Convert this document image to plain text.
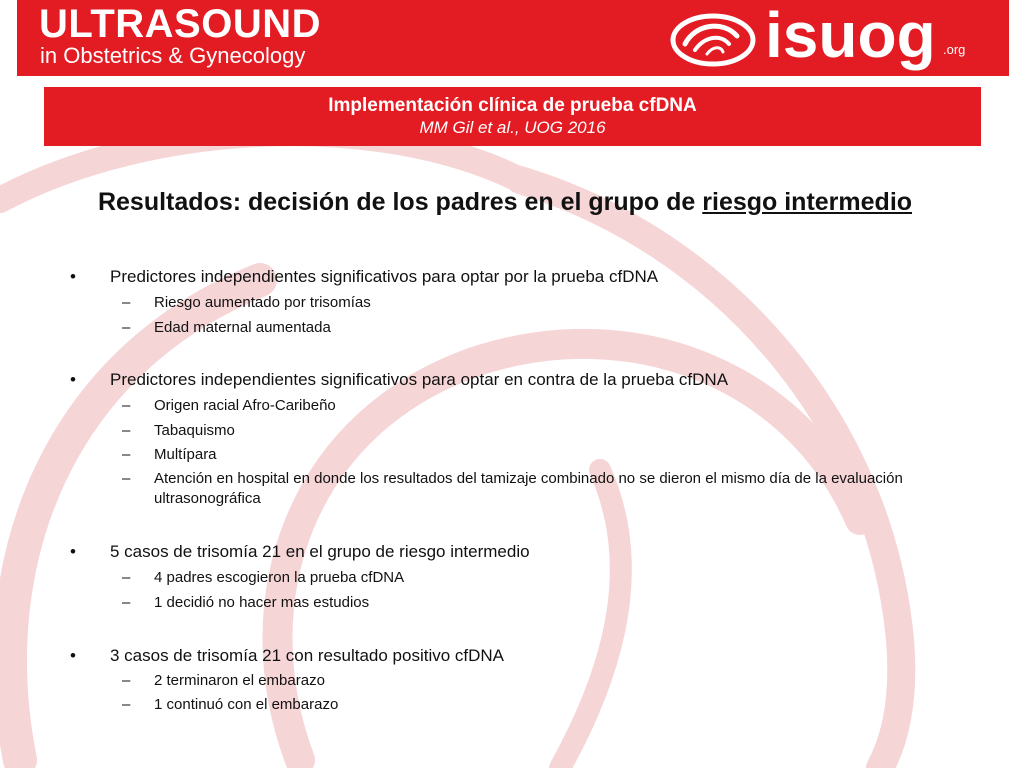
ULTRASOUND
in Obstetrics & Gynecology	isuog .org
Implementación clínica de prueba cfDNA
MM Gil et al., UOG 2016
Resultados: decisión de los padres en el grupo de riesgo intermedio
•	Predictores independientes significativos para optar por la prueba cfDNA
– Riesgo aumentado por trisomías
– Edad maternal aumentada
•	Predictores independientes significativos para optar en contra de la prueba cfDNA
– Origen racial Afro-Caribeño
– Tabaquismo
– Multípara
– Atención en hospital en donde los resultados del tamizaje combinado no se dieron el mismo día de la evaluación ultrasonográfica
•	5 casos de trisomía 21 en el grupo de riesgo intermedio
– 4 padres escogieron la prueba cfDNA
– 1 decidió no hacer mas estudios
•	3 casos de trisomía 21 con resultado positivo cfDNA
– 2 terminaron el embarazo
– 1 continuó con el embarazo
